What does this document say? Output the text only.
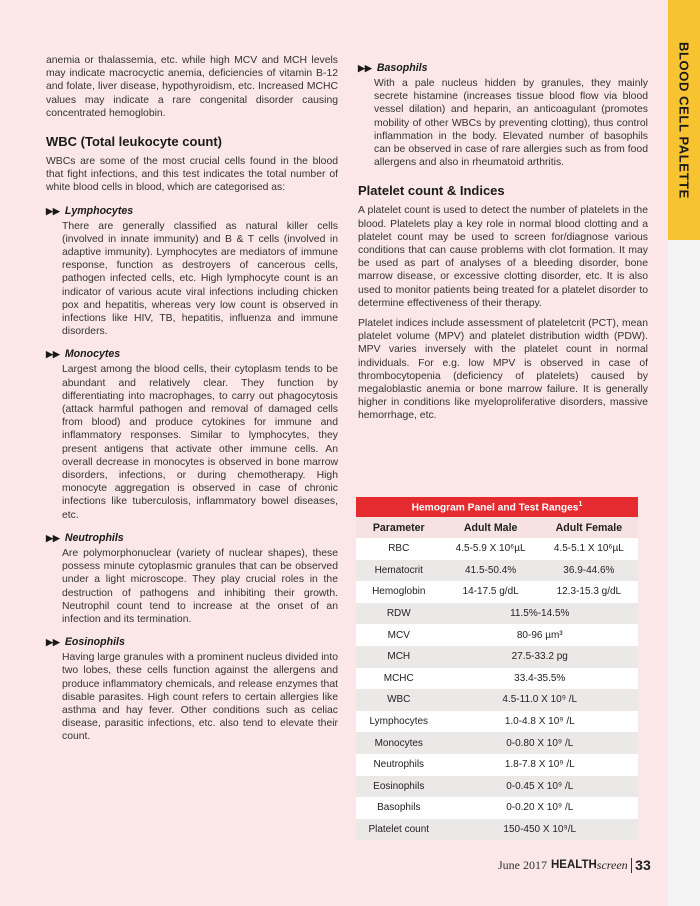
BLOOD CELL PALETTE

anemia or thalassemia, etc. while high MCV and MCH levels may indicate macrocyctic anemia, deficiencies of vitamin B-12 and folate, liver disease, hypothyroidism, etc. Increased MCHC values may indicate a rare congenital disorder causing concentrated hemoglobin.

WBC (Total leukocyte count)

WBCs are some of the most crucial cells found in the blood that fight infections, and this test indicates the total number of white blood cells in blood, which are categorised as:

▶▶ Lymphocytes

There are generally classified as natural killer cells (involved in innate immunity) and B & T cells (involved in adaptive immunity). Lymphocytes are mediators of immune response, function as destroyers of cancerous cells, pathogen infected cells, etc. High lymphocyte count is an indicator of various acute viral infections including chicken pox and hepatitis, whereas very low count is observed in infections like HIV, TB, hepatitis, influenza and immune disorders.

▶▶ Monocytes

Largest among the blood cells, their cytoplasm tends to be abundant and relatively clear. They function by differentiating into macrophages, to carry out phagocytosis (attack harmful pathogen and removal of damaged cells from blood) and produce cytokines for immune and inflammatory responses. Similar to lymphocytes, they present antigens that activate other immune cells. An overall decrease in monocytes is observed in bone marrow disorders, infections, or during chemotherapy. High monocyte aggregation is observed in case of chronic infections like tuberculosis, inflammatory bowel diseases, etc.

▶▶ Neutrophils

Are polymorphonuclear (variety of nuclear shapes), these possess minute cytoplasmic granules that can be observed under a light microscope. They play crucial roles in the destruction of pathogens and inhibiting their growth. Neutrophil count tend to increase at the onset of an infection and its termination.

▶▶ Eosinophils

Having large granules with a prominent nucleus divided into two lobes, these cells function against the allergens and produce inflammatory chemicals, and release enzymes that disable parasites. High count refers to certain allergies like asthma and hay fever. Other conditions such as celiac disease, parasitic infections, etc. also tend to elevate their count.

▶▶ Basophils

With a pale nucleus hidden by granules, they mainly secrete histamine (increases tissue blood flow via blood vessel dilation) and heparin, an anticoagulant (promotes mobility of other WBCs by preventing clotting), thus control inflammation in the body. Elevated number of basophils can be observed in case of rare allergies such as from food allergens and also in rheumatoid arthritis.

Platelet count & Indices

A platelet count is used to detect the number of platelets in the blood. Platelets play a key role in normal blood clotting and a platelet count may be used to screen for/diagnose various conditions that can cause problems with clot formation. It may be used as part of analyses of a bleeding disorder, bone marrow disease, or excessive clotting disorder, etc. It is also used to monitor patients being treated for a platelet disorder to determine effectiveness of their therapy.

Platelet indices include assessment of plateletcrit (PCT), mean platelet volume (MPV) and platelet distribution width (PDW). MPV varies inversely with the platelet count in normal individuals. For e.g. low MPV is observed in case of thrombocytopenia (deficiency of platelets) caused by megaloblastic anemia or bone marrow failure. It is generally higher in conditions like myeloproliferative disorders, massive hemorrhage, etc.

Hemogram Panel and Test Ranges$^1$
Parameter	Adult Male	Adult Female
RBC	4.5-5.9 X 10⁶µL	4.5-5.1 X 10⁶µL
Hematocrit	41.5-50.4%	36.9-44.6%
Hemoglobin	14-17.5 g/dL	12.3-15.3 g/dL
RDW	11.5%-14.5%	
MCV	80-96 µm³	
MCH	27.5-33.2 pg	
MCHC	33.4-35.5%	
WBC	4.5-11.0 X 10⁹ /L	
Lymphocytes	1.0-4.8 X 10⁹ /L	
Monocytes	0-0.80 X 10⁹ /L	
Neutrophils	1.8-7.8 X 10⁹ /L	
Eosinophils	0-0.45 X 10⁹ /L	
Basophils	0-0.20 X 10⁹ /L	
Platelet count	150-450 X 10⁹/L	
June 2017 HEALTH screen 33
